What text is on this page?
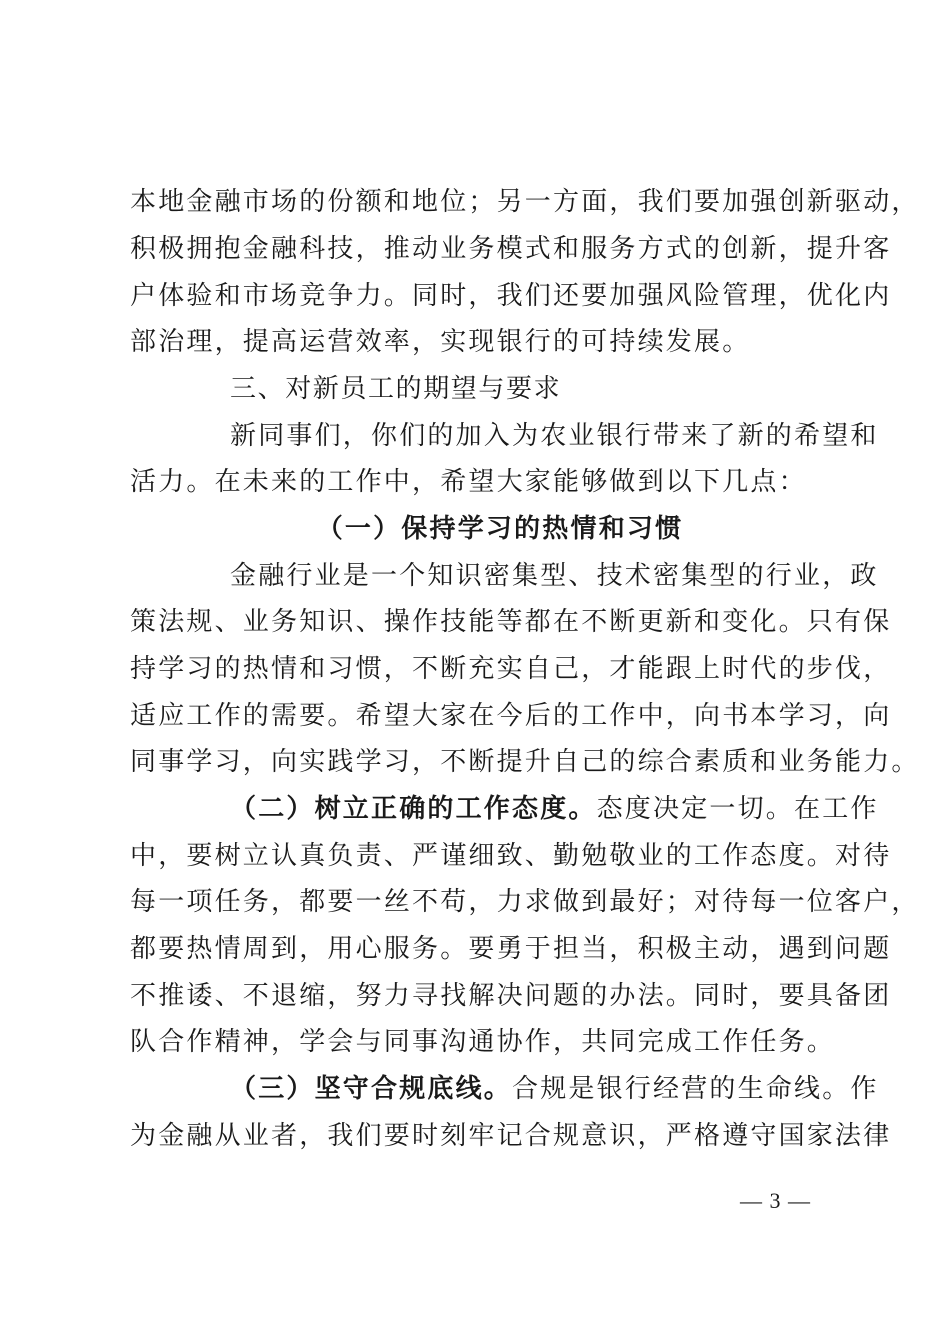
本地金融市场的份额和地位；另一方面，我们要加强创新驱动，
积极拥抱金融科技，推动业务模式和服务方式的创新，提升客
户体验和市场竞争力。同时，我们还要加强风险管理，优化内
部治理，提高运营效率，实现银行的可持续发展。
三、对新员工的期望与要求
新同事们，你们的加入为农业银行带来了新的希望和
活力。在未来的工作中，希望大家能够做到以下几点：
（一）保持学习的热情和习惯
金融行业是一个知识密集型、技术密集型的行业，政
策法规、业务知识、操作技能等都在不断更新和变化。只有保
持学习的热情和习惯，不断充实自己，才能跟上时代的步伐，
适应工作的需要。希望大家在今后的工作中，向书本学习，向
同事学习，向实践学习，不断提升自己的综合素质和业务能力。
（二）树立正确的工作态度。态度决定一切。在工作
中，要树立认真负责、严谨细致、勤勉敬业的工作态度。对待
每一项任务，都要一丝不苟，力求做到最好；对待每一位客户，
都要热情周到，用心服务。要勇于担当，积极主动，遇到问题
不推诿、不退缩，努力寻找解决问题的办法。同时，要具备团
队合作精神，学会与同事沟通协作，共同完成工作任务。
（三）坚守合规底线。合规是银行经营的生命线。作
为金融从业者，我们要时刻牢记合规意识，严格遵守国家法律
— 3 —
